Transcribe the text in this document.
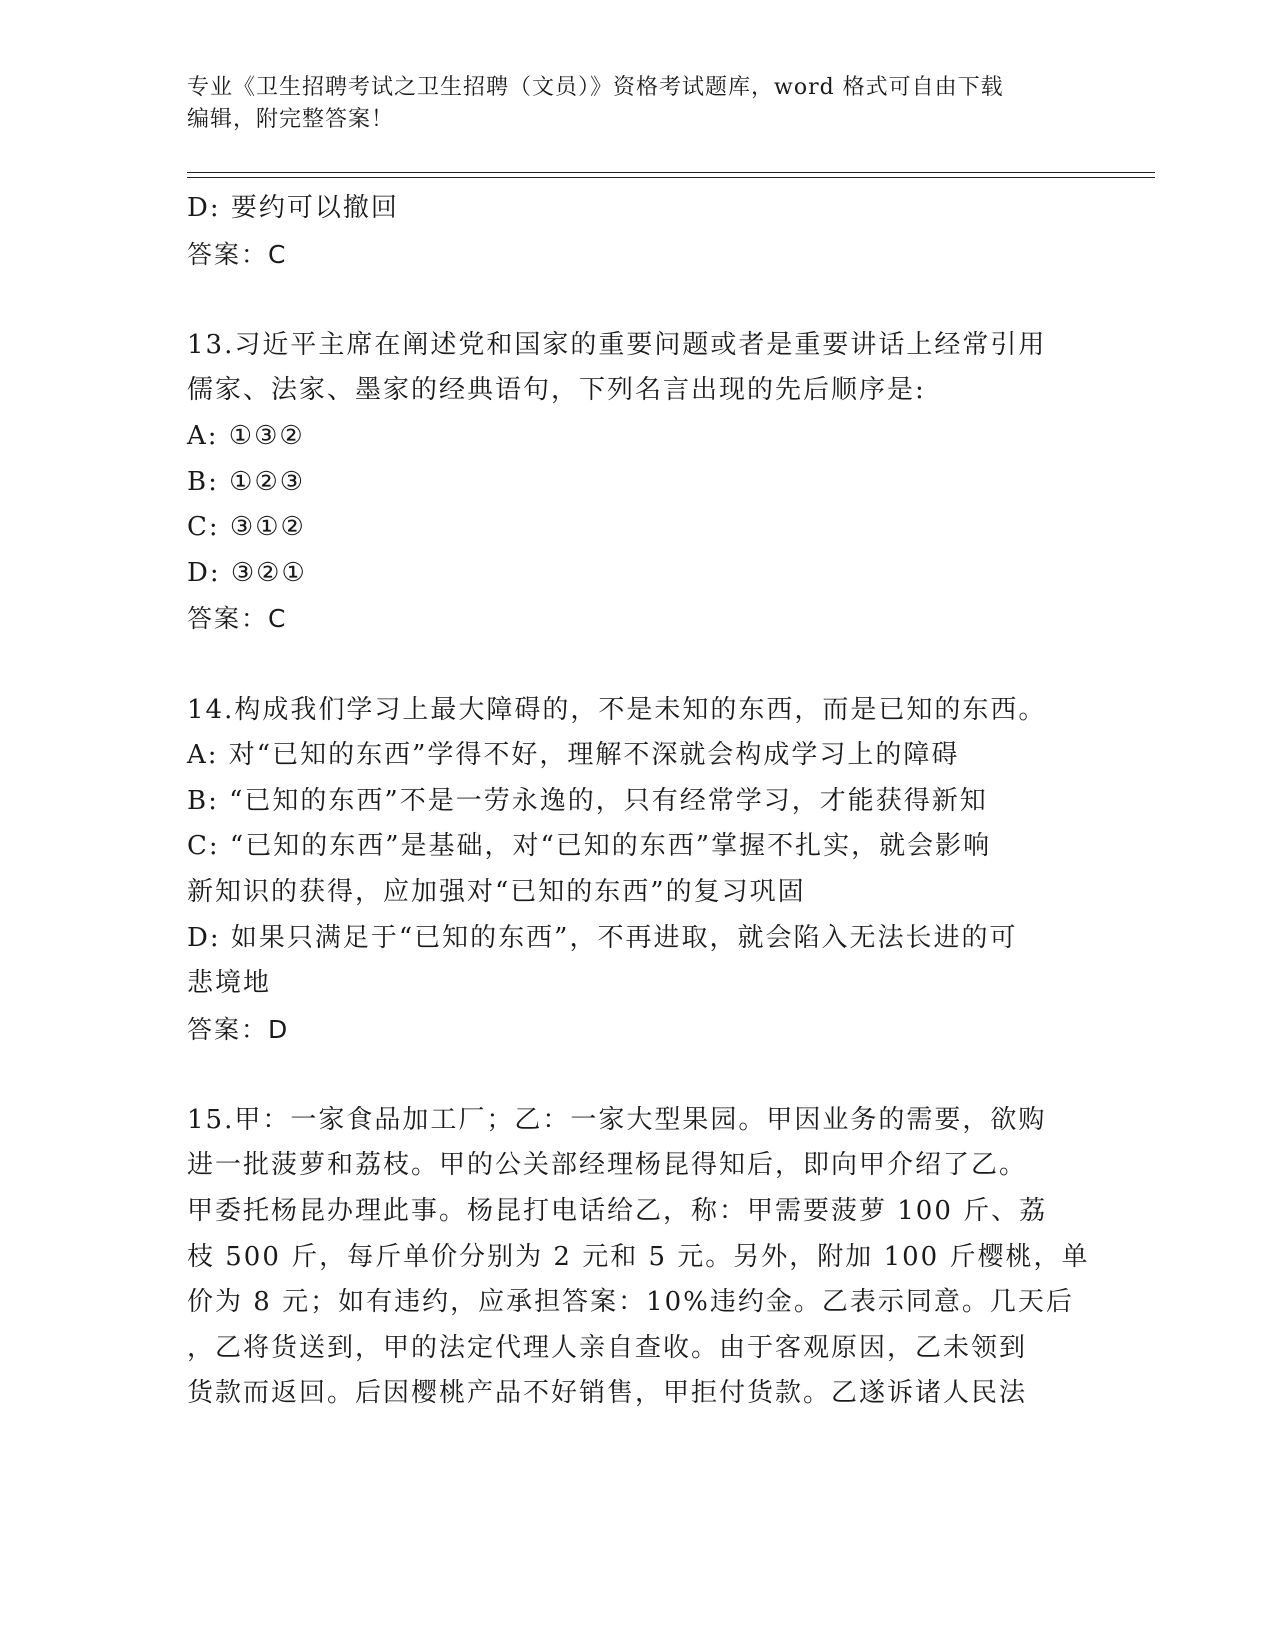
专业《卫生招聘考试之卫生招聘（文员）》资格考试题库，word 格式可自由下载
编辑，附完整答案！
D: 要约可以撤回
答案：C
13.习近平主席在阐述党和国家的重要问题或者是重要讲话上经常引用
儒家、法家、墨家的经典语句，下列名言出现的先后顺序是:
A: ①③②
B: ①②③
C: ③①②
D: ③②①
答案：C
14.构成我们学习上最大障碍的，不是未知的东西，而是已知的东西。
A: 对“已知的东西”学得不好，理解不深就会构成学习上的障碍
B: “已知的东西”不是一劳永逸的，只有经常学习，才能获得新知
C: “已知的东西”是基础，对“已知的东西”掌握不扎实，就会影响
新知识的获得，应加强对“已知的东西”的复习巩固
D: 如果只满足于“已知的东西”，不再进取，就会陷入无法长进的可
悲境地
答案：D
15.甲：一家食品加工厂；乙：一家大型果园。甲因业务的需要，欲购
进一批菠萝和荔枝。甲的公关部经理杨昆得知后，即向甲介绍了乙。
甲委托杨昆办理此事。杨昆打电话给乙，称：甲需要菠萝 100 斤、荔
枝 500 斤，每斤单价分别为 2 元和 5 元。另外，附加 100 斤樱桃，单
价为 8 元；如有违约，应承担答案：10%违约金。乙表示同意。几天后
，乙将货送到，甲的法定代理人亲自查收。由于客观原因，乙未领到
货款而返回。后因樱桃产品不好销售，甲拒付货款。乙遂诉诸人民法
